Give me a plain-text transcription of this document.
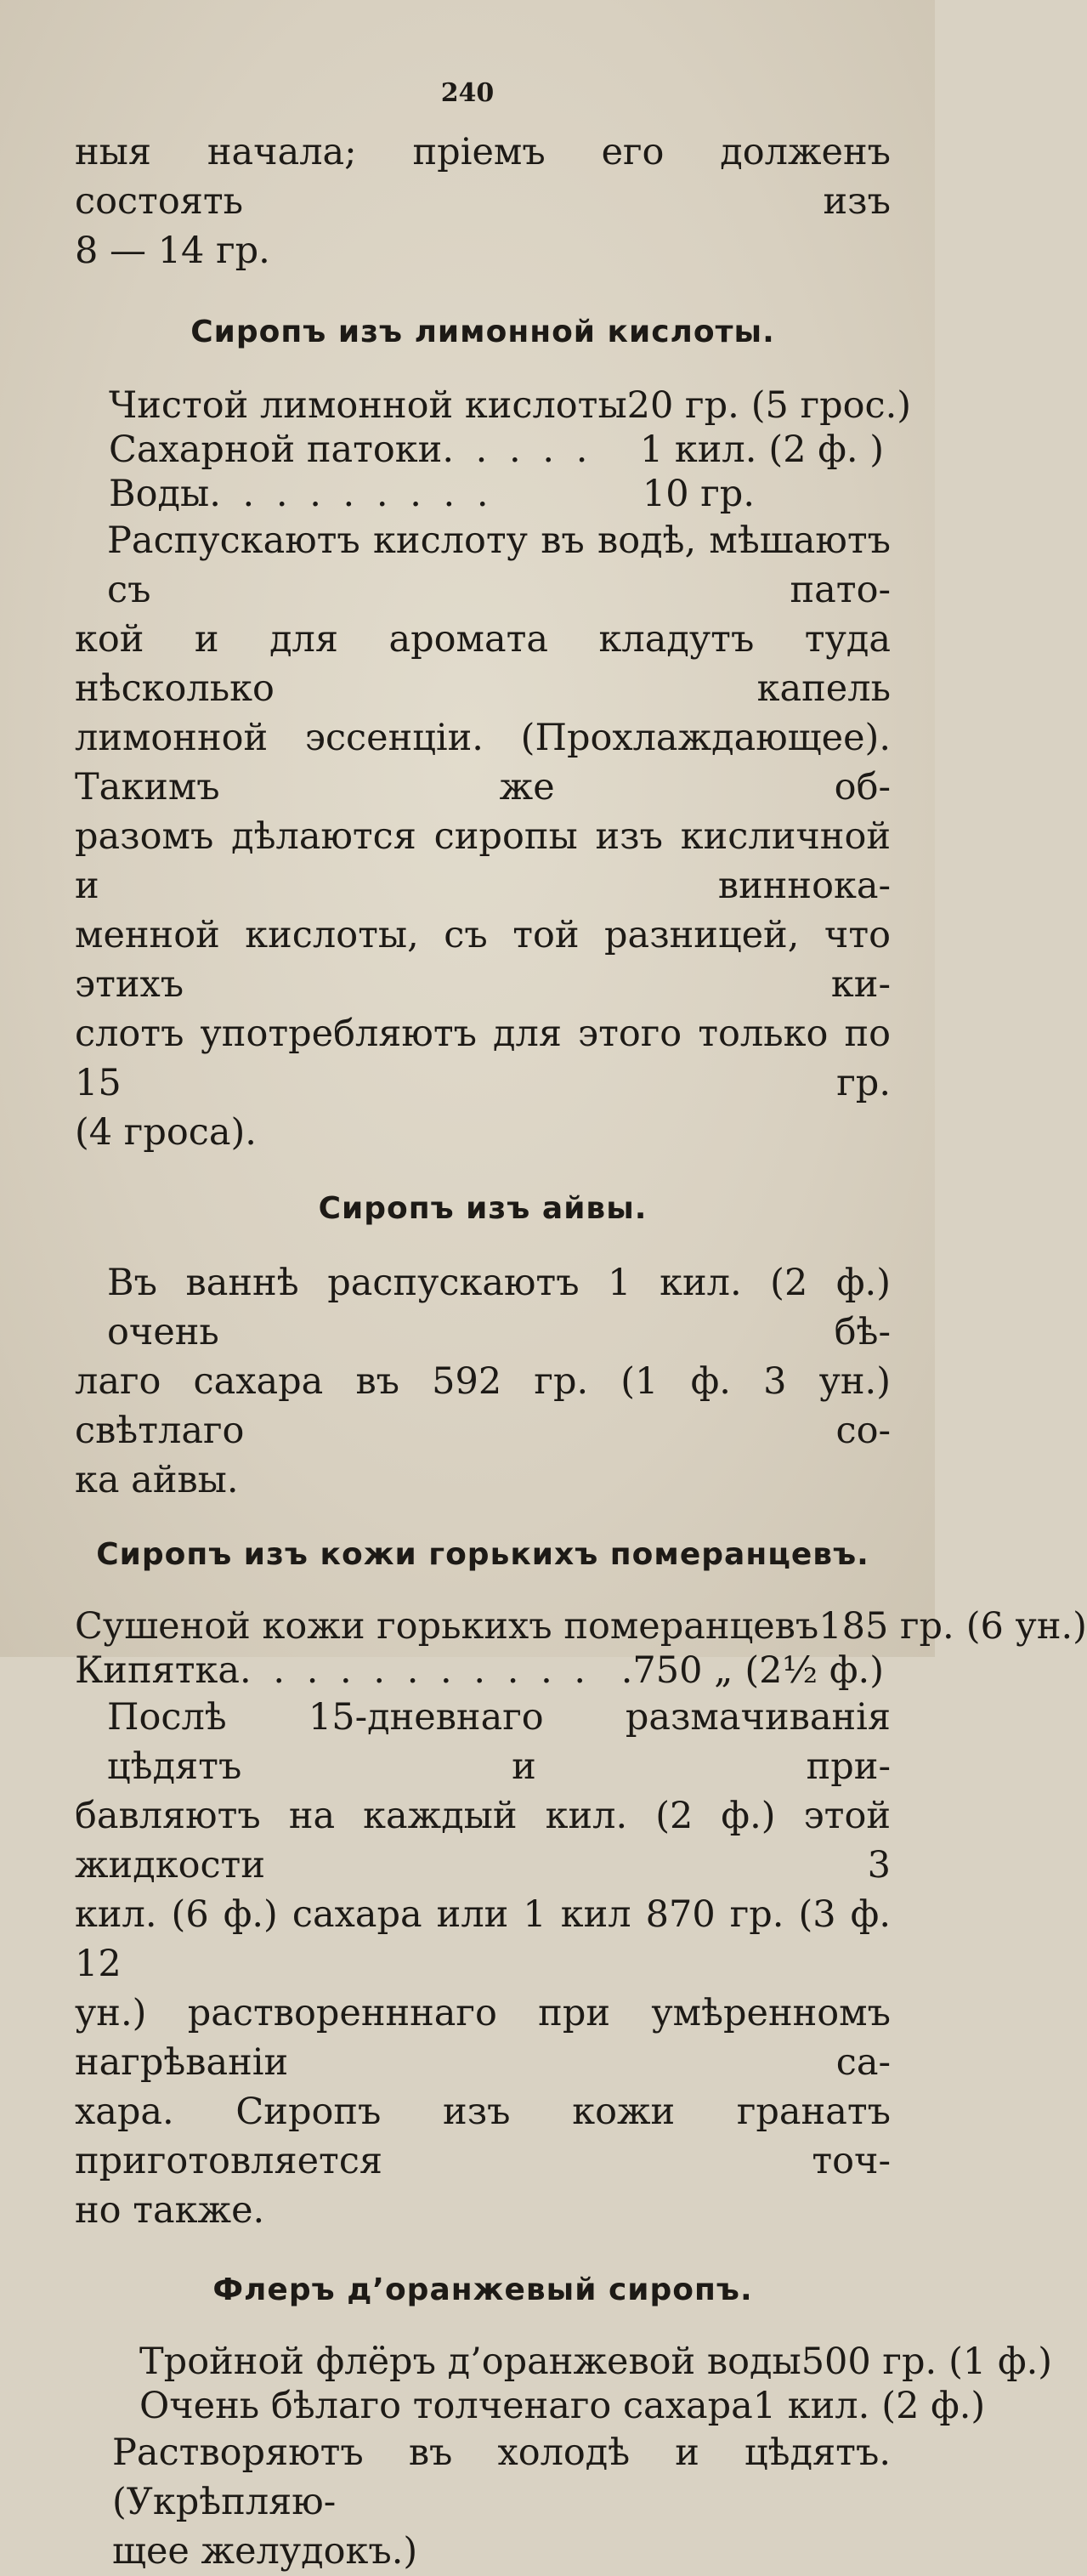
240
ныя начала; пріемъ его долженъ состоять изъ
8 — 14 гр.
Сиропъ изъ лимонной кислоты.
Чистой лимонной кислоты 20 гр. (5 грос.)
Сахарной патоки . . . . .	1 кил. (2 ф. )
Воды . . . . . . . . .	10 гр.
Распускаютъ кислоту въ водѣ, мѣшаютъ съ пато-
кой и для аромата кладутъ туда нѣсколько капель
лимонной эссенціи. (Прохлаждающее). Такимъ же об-
разомъ дѣлаются сиропы изъ кисличной и виннока-
менной кислоты, съ той разницей, что этихъ ки-
слотъ употребляютъ для этого только по 15 гр.
(4 гроса).
Сиропъ изъ айвы.
Въ ваннѣ распускаютъ 1 кил. (2 ф.) очень бѣ-
лаго сахара въ 592 гр. (1 ф. 3 ун.) свѣтлаго со-
ка айвы.
Сиропъ изъ кожи горькихъ померанцевъ.
Сушеной кожи горькихъ померанцевъ 185 гр. (6 ун.)
Кипятка . . . . . . . . . . . .750 „ (2½ ф.)
Послѣ 15-дневнаго размачиванія цѣдятъ и при-
бавляютъ на каждый кил. (2 ф.) этой жидкости 3
кил. (6 ф.) сахара или 1 кил 870 гр. (3 ф. 12
ун.) растворенннаго при умѣренномъ нагрѣваніи са-
хара. Сиропъ изъ кожи гранатъ приготовляется точ-
но также.
Флеръ д’оранжевый сиропъ.
Тройной флёръ д’оранжевой воды 500 гр. (1 ф.)
Очень бѣлаго толченаго сахара 1 кил. (2 ф.)
Растворяютъ въ холодѣ и цѣдятъ. (Укрѣпляю-
щее желудокъ.)
